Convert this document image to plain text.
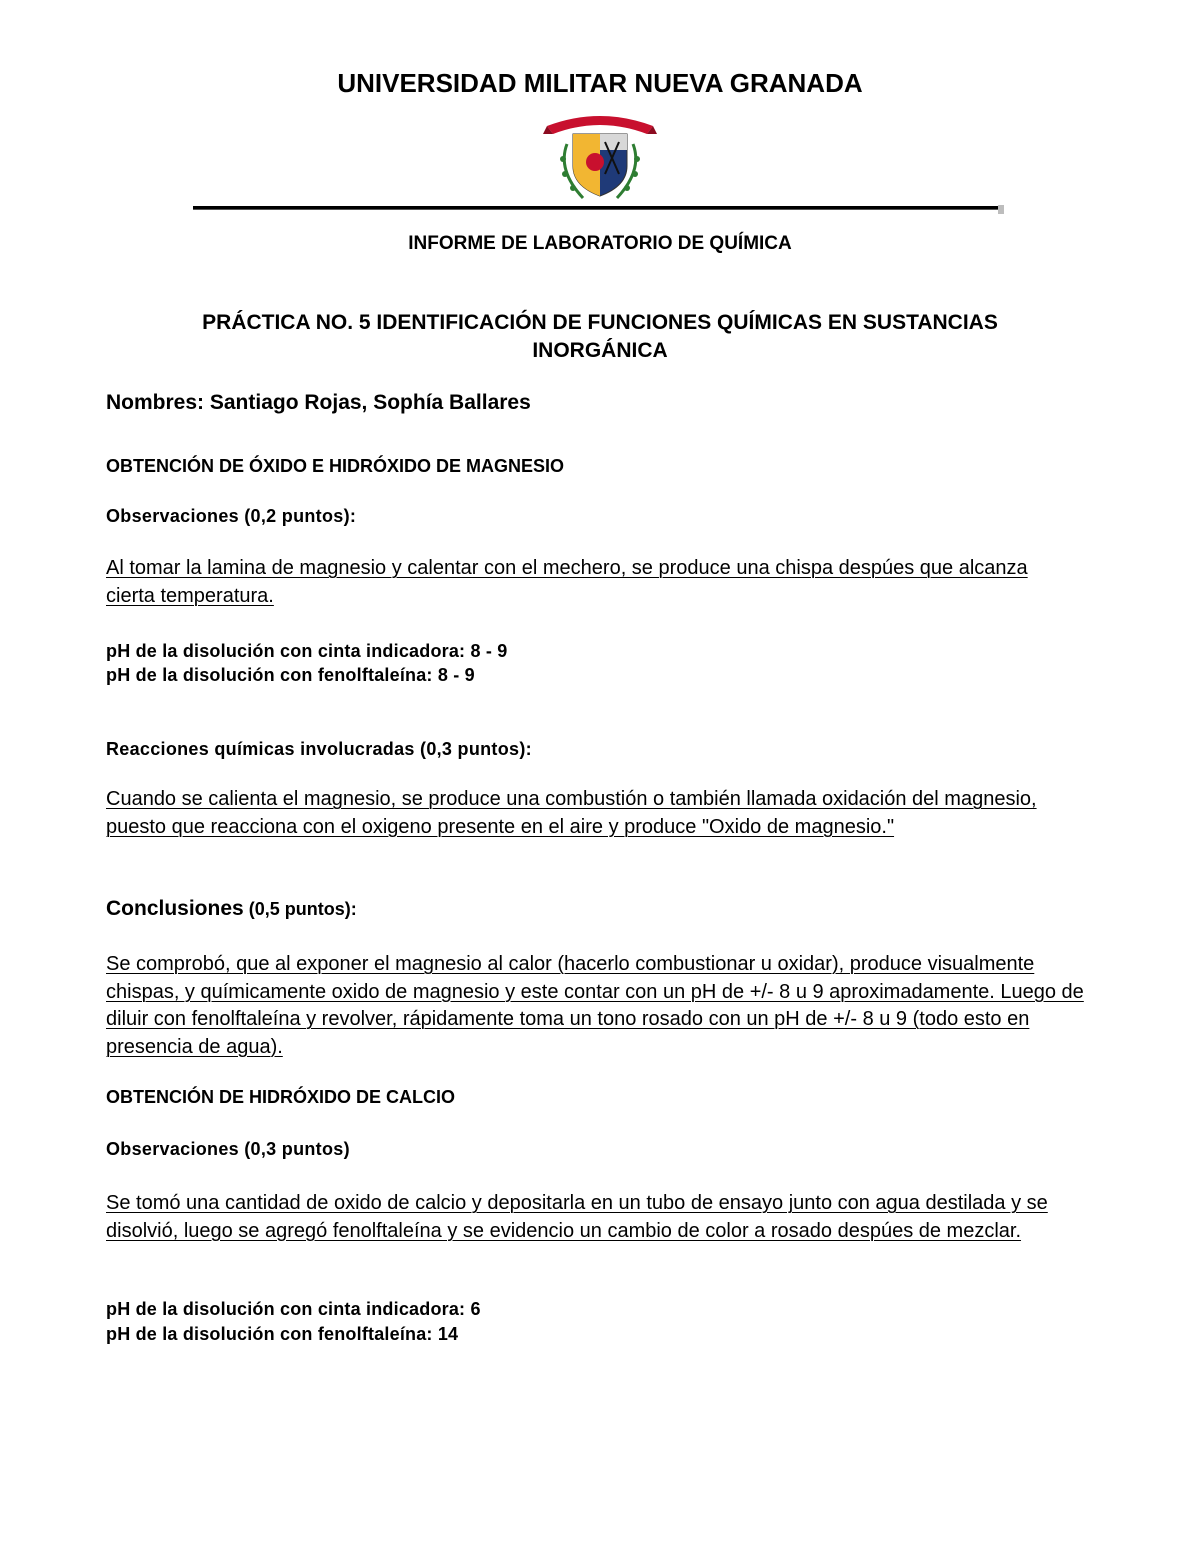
UNIVERSIDAD MILITAR NUEVA GRANADA
INFORME DE LABORATORIO DE QUÍMICA
PRÁCTICA NO. 5 IDENTIFICACIÓN DE FUNCIONES QUÍMICAS EN SUSTANCIAS
INORGÁNICA
Nombres: Santiago Rojas, Sophía Ballares
OBTENCIÓN DE ÓXIDO E HIDRÓXIDO DE MAGNESIO
Observaciones (0,2 puntos):
Al tomar la lamina de magnesio y calentar con el mechero, se produce una chispa despúes que alcanza cierta temperatura.
pH de la disolución con cinta indicadora: 8 - 9
pH de la disolución con fenolftaleína: 8 - 9
Reacciones químicas involucradas (0,3 puntos):
Cuando se calienta el magnesio, se produce una combustión o también llamada oxidación del magnesio, puesto que reacciona con el oxigeno presente en el aire y produce "Oxido de magnesio."
Conclusiones (0,5 puntos):
Se comprobó, que al exponer el magnesio al calor (hacerlo combustionar u oxidar), produce visualmente chispas, y químicamente oxido de magnesio y este contar con un pH de +/- 8 u 9 aproximadamente. Luego de diluir con fenolftaleína y revolver, rápidamente toma un tono rosado con un pH de +/- 8 u 9 (todo esto en presencia de agua).
OBTENCIÓN DE HIDRÓXIDO DE CALCIO
Observaciones (0,3 puntos)
Se tomó una cantidad de oxido de calcio y depositarla en un tubo de ensayo junto con agua destilada y se disolvió, luego se agregó fenolftaleína y se evidencio un cambio de color a rosado despúes de mezclar.
pH de la disolución con cinta indicadora: 6
pH de la disolución con fenolftaleína: 14
